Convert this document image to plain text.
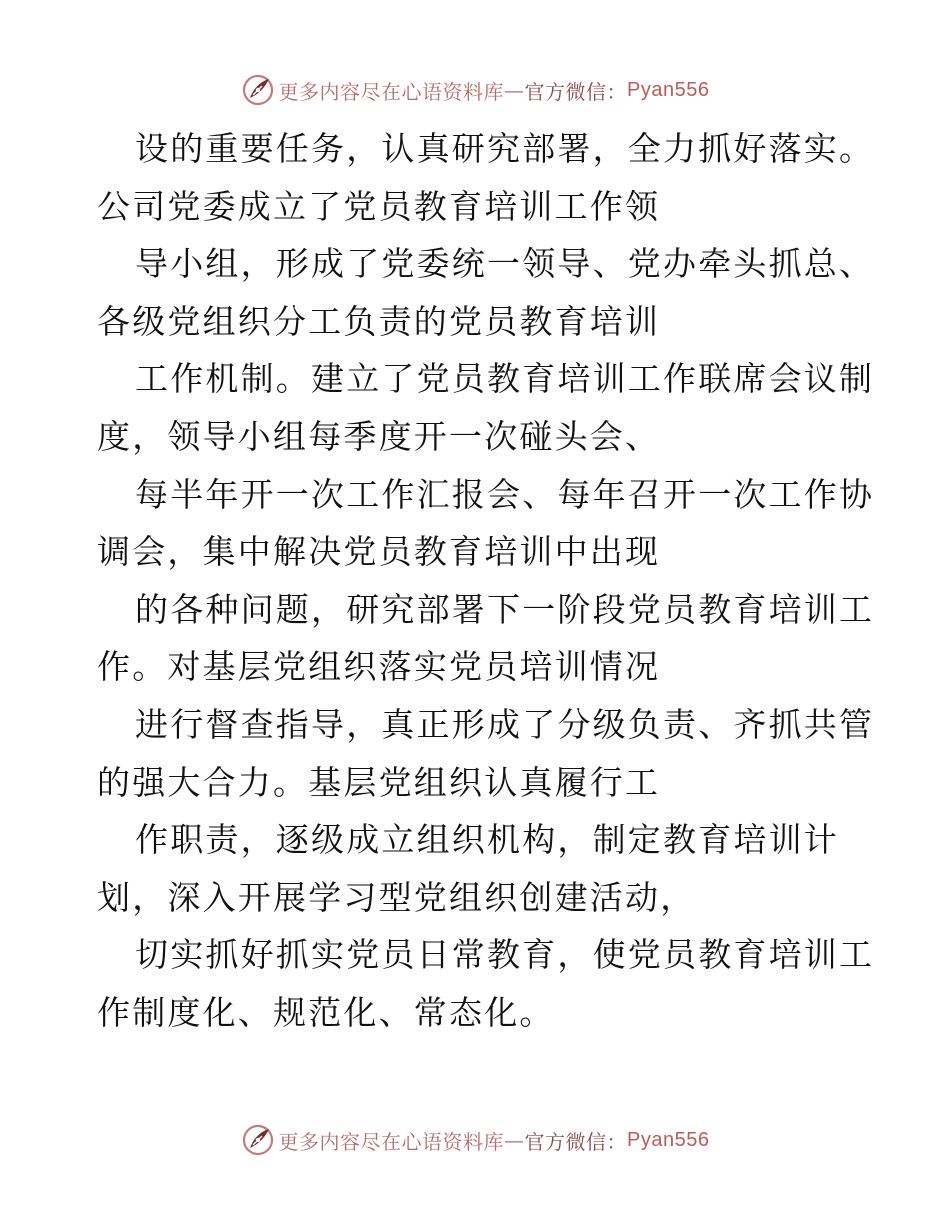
更多内容尽在心语资料库 — 官方微信： Pyan556
设的重要任务，认真研究部署，全力抓好落实。
公司党委成立了党员教育培训工作领
导小组，形成了党委统一领导、党办牵头抓总、
各级党组织分工负责的党员教育培训
工作机制。建立了党员教育培训工作联席会议制
度，领导小组每季度开一次碰头会、
每半年开一次工作汇报会、每年召开一次工作协
调会，集中解决党员教育培训中出现
的各种问题，研究部署下一阶段党员教育培训工
作。对基层党组织落实党员培训情况
进行督查指导，真正形成了分级负责、齐抓共管
的强大合力。基层党组织认真履行工
作职责，逐级成立组织机构，制定教育培训计
划，深入开展学习型党组织创建活动，
切实抓好抓实党员日常教育，使党员教育培训工
作制度化、规范化、常态化。
更多内容尽在心语资料库 — 官方微信： Pyan556
